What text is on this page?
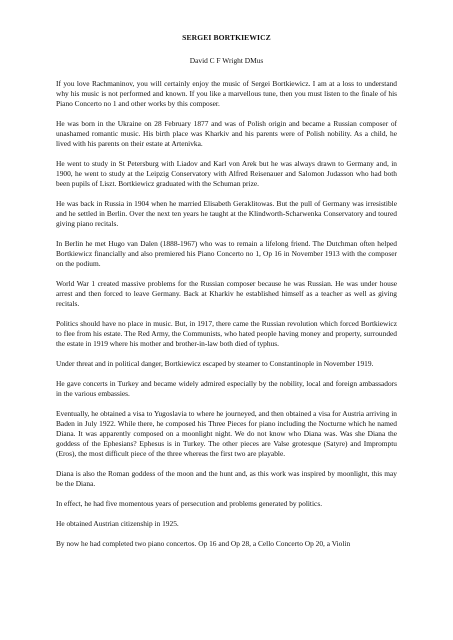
SERGEI BORTKIEWICZ
David C F Wright DMus
If you love Rachmaninov, you will certainly enjoy the music of Sergei Bortkiewicz. I am at a loss to understand why his music is not performed and known. If you like a marvellous tune, then you must listen to the finale of his Piano Concerto no 1 and other works by this composer.
He was born in the Ukraine on 28 February 1877 and was of Polish origin and became a Russian composer of unashamed romantic music. His birth place was Kharkiv and his parents were of Polish nobility. As a child, he lived with his parents on their estate at Artenivka.
He went to study in St Petersburg with Liadov and Karl von Arek but he was always drawn to Germany and, in 1900, he went to study at the Leipzig Conservatory with Alfred Reisenauer and Salomon Judasson who had both been pupils of Liszt. Bortkiewicz graduated with the Schuman prize.
He was back in Russia in 1904 when he married Elisabeth Geraklitowas. But the pull of Germany was irresistible and he settled in Berlin. Over the next ten years he taught at the Klindworth-Scharwenka Conservatory and toured giving piano recitals.
In Berlin he met Hugo van Dalen (1888-1967) who was to remain a lifelong friend. The Dutchman often helped Bortkiewicz financially and also premiered his Piano Concerto no 1, Op 16 in November 1913 with the composer on the podium.
World War 1 created massive problems for the Russian composer because he was Russian. He was under house arrest and then forced to leave Germany. Back at Kharkiv he established himself as a teacher as well as giving recitals.
Politics should have no place in music. But, in 1917, there came the Russian revolution which forced Bortkiewicz to flee from his estate. The Red Army, the Communists, who hated people having money and property, surrounded the estate in 1919 where his mother and brother-in-law both died of typhus.
Under threat and in political danger, Bortkiewicz escaped by steamer to Constantinople in November 1919.
He gave concerts in Turkey and became widely admired especially by the nobility, local and foreign ambassadors in the various embassies.
Eventually, he obtained a visa to Yugoslavia to where he journeyed, and then obtained a visa for Austria arriving in Baden in July 1922. While there, he composed his Three Pieces for piano including the Nocturne which he named Diana. It was apparently composed on a moonlight night. We do not know who Diana was. Was she Diana the goddess of the Ephesians? Ephesus is in Turkey. The other pieces are Valse grotesque (Satyre) and Impromptu (Eros), the most difficult piece of the three whereas the first two are playable.
Diana is also the Roman goddess of the moon and the hunt and, as this work was inspired by moonlight, this may be the Diana.
In effect, he had five momentous years of persecution and problems generated by politics.
He obtained Austrian citizenship in 1925.
By now he had completed two piano concertos. Op 16 and Op 28, a Cello Concerto Op 20, a Violin
